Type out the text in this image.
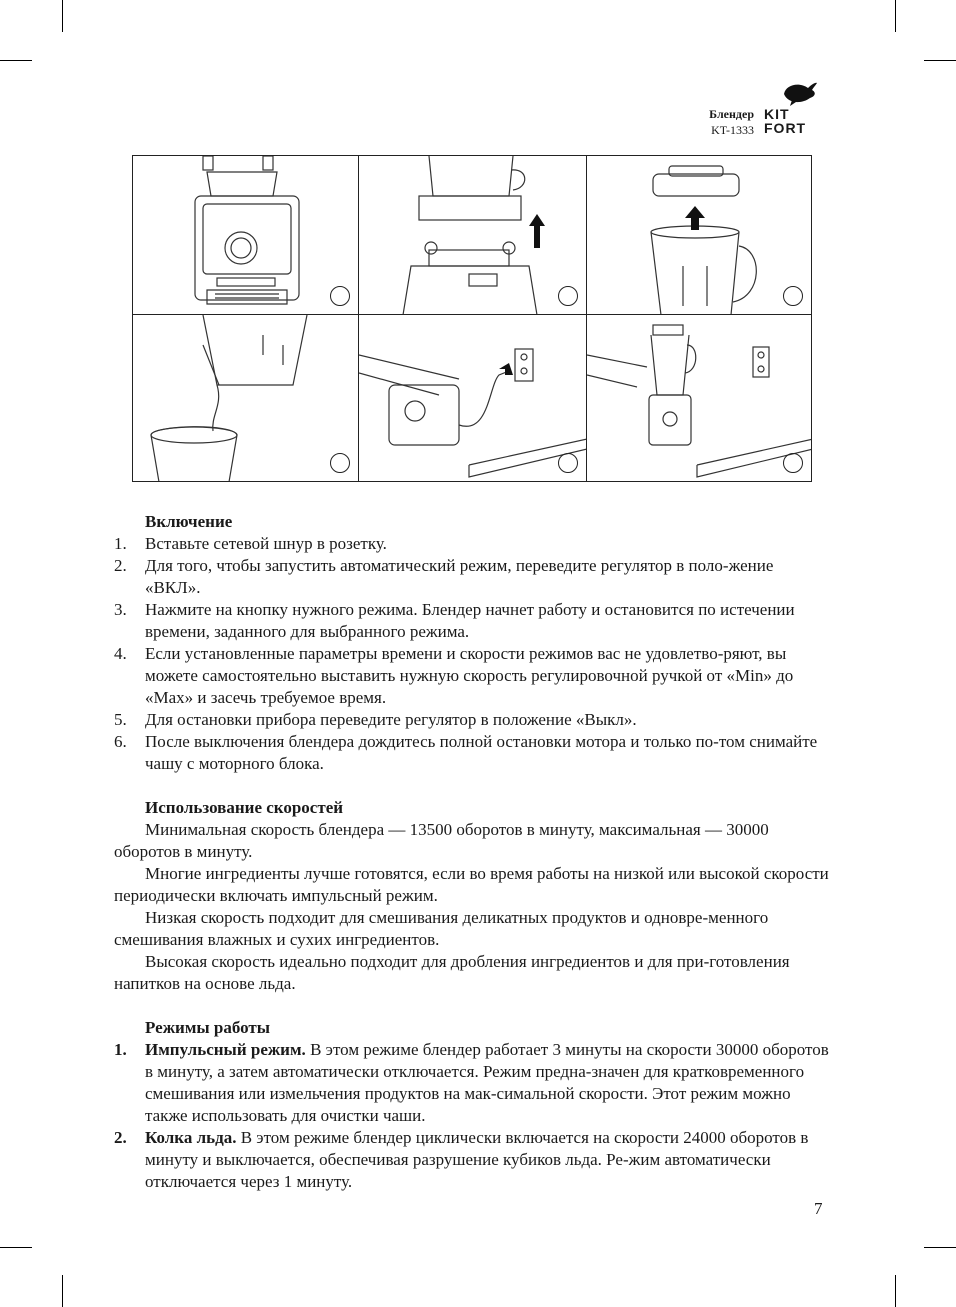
Блендер
KT-1333
KIT
FORT
Включение
1. Вставьте сетевой шнур в розетку.
2. Для того, чтобы запустить автоматический режим, переведите регулятор в поло-жение «ВКЛ».
3. Нажмите на кнопку нужного режима. Блендер начнет работу и остановится по истечении времени, заданного для выбранного режима.
4. Если установленные параметры времени и скорости режимов вас не удовлетво-ряют, вы можете самостоятельно выставить нужную скорость регулировочной ручкой от «Min» до «Max» и засечь требуемое время.
5. Для остановки прибора переведите регулятор в положение «Выкл».
6. После выключения блендера дождитесь полной остановки мотора и только по-том снимайте чашу с моторного блока.
Использование скоростей

Минимальная скорость блендера — 13500 оборотов в минуту, максимальная — 30000 оборотов в минуту.

Многие ингредиенты лучше готовятся, если во время работы на низкой или высокой скорости периодически включать импульсный режим.

Низкая скорость подходит для смешивания деликатных продуктов и одновре-менного смешивания влажных и сухих ингредиентов.

Высокая скорость идеально подходит для дробления ингредиентов и для при-готовления напитков на основе льда.

Режимы работы
1. Импульсный режим. В этом режиме блендер работает 3 минуты на скорости 30000 оборотов в минуту, а затем автоматически отключается. Режим предна-значен для кратковременного смешивания или измельчения продуктов на мак-симальной скорости. Этот режим можно также использовать для очистки чаши.
2. Колка льда. В этом режиме блендер циклически включается на скорости 24000 оборотов в минуту и выключается, обеспечивая разрушение кубиков льда. Ре-жим автоматически отключается через 1 минуту.
7
